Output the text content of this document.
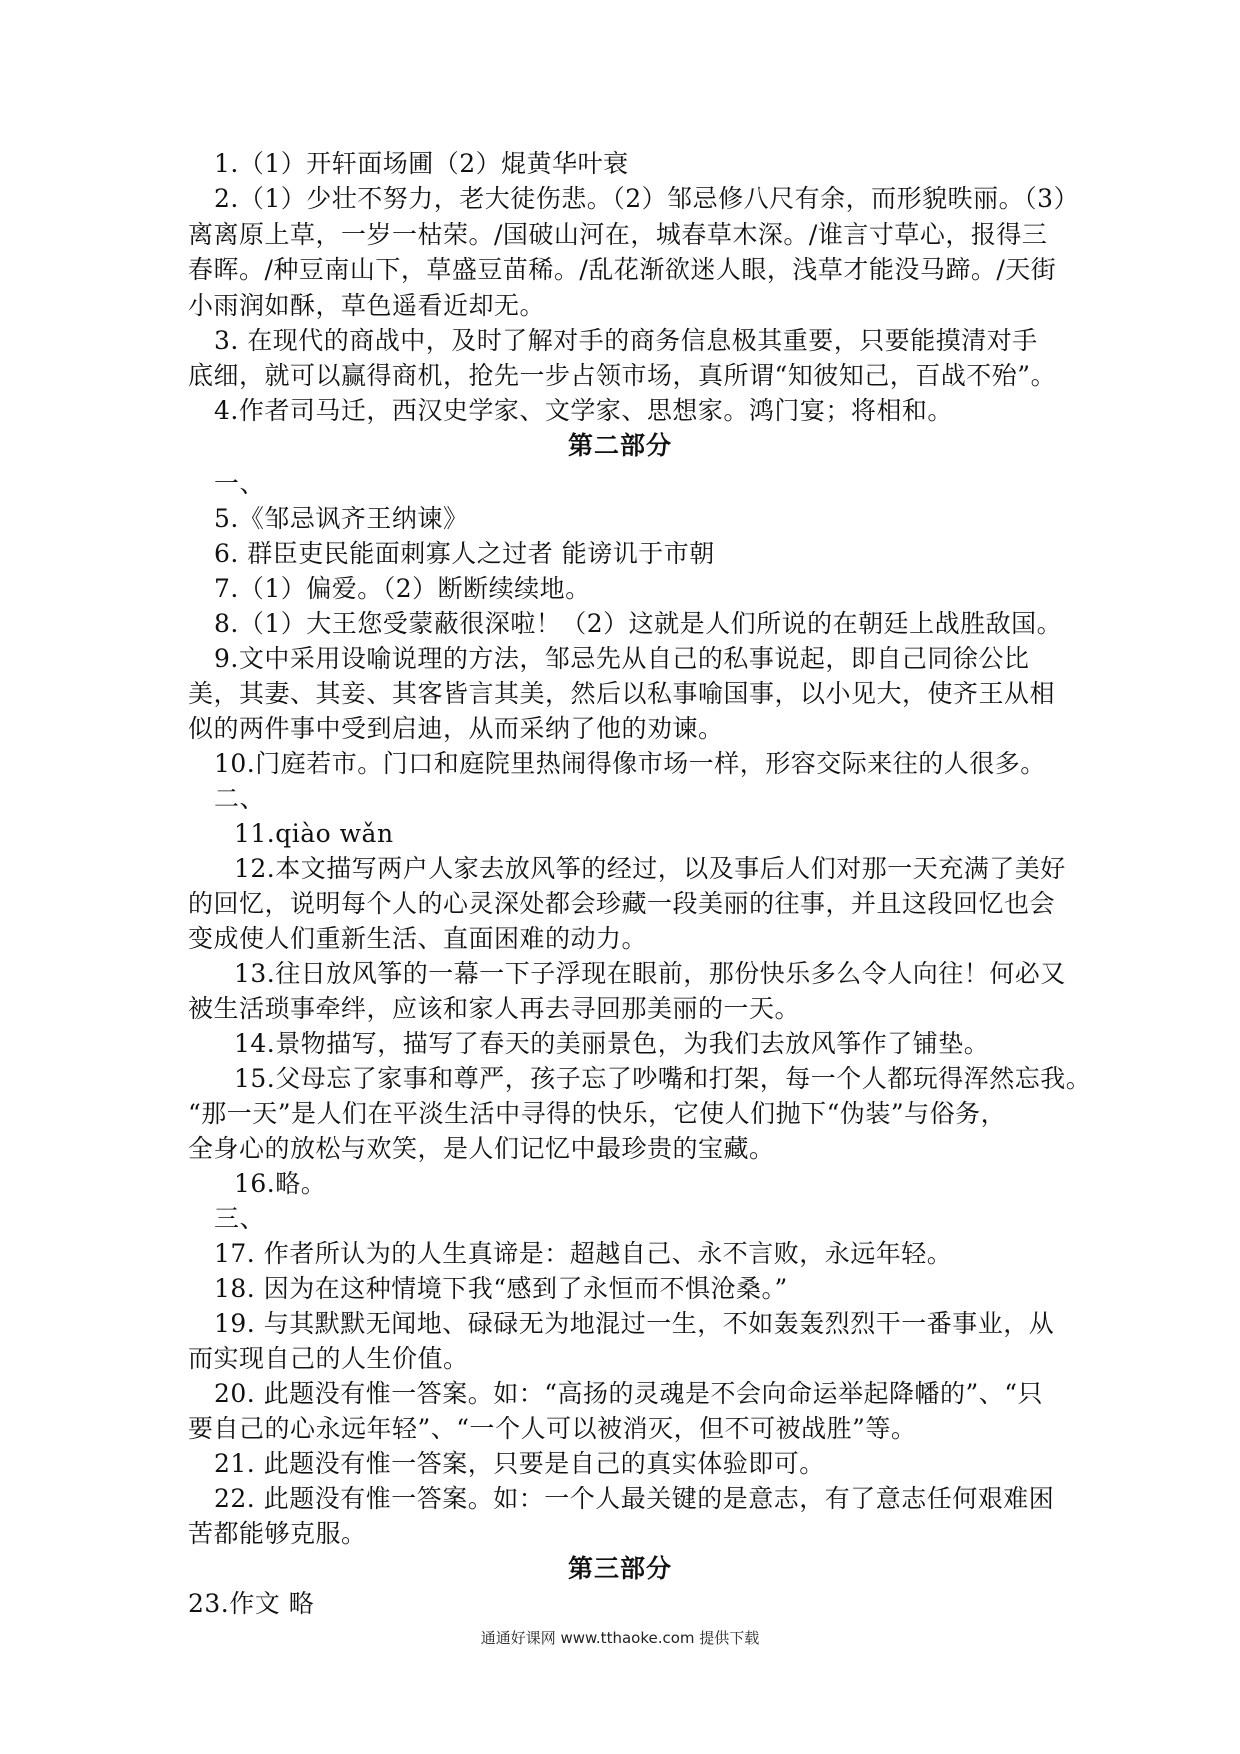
1.（1）开轩面场圃（2）焜黄华叶衰
2.（1）少壮不努力，老大徒伤悲。（2）邹忌修八尺有余，而形貌昳丽。（3）
离离原上草，一岁一枯荣。/国破山河在，城春草木深。/谁言寸草心，报得三
春晖。/种豆南山下，草盛豆苗稀。/乱花渐欲迷人眼，浅草才能没马蹄。/天街
小雨润如酥，草色遥看近却无。
3. 在现代的商战中，及时了解对手的商务信息极其重要，只要能摸清对手
底细，就可以赢得商机，抢先一步占领市场，真所谓“知彼知己，百战不殆”。
4.作者司马迁，西汉史学家、文学家、思想家。鸿门宴；将相和。
第二部分
一、
5.《邹忌讽齐王纳谏》
6. 群臣吏民能面刺寡人之过者 能谤讥于市朝
7.（1）偏爱。（2）断断续续地。
8.（1）大王您受蒙蔽很深啦！（2）这就是人们所说的在朝廷上战胜敌国。
9.文中采用设喻说理的方法，邹忌先从自己的私事说起，即自己同徐公比
美，其妻、其妾、其客皆言其美，然后以私事喻国事，以小见大，使齐王从相
似的两件事中受到启迪，从而采纳了他的劝谏。
10.门庭若市。门口和庭院里热闹得像市场一样，形容交际来往的人很多。
二、
11.qiào wǎn
12.本文描写两户人家去放风筝的经过，以及事后人们对那一天充满了美好
的回忆，说明每个人的心灵深处都会珍藏一段美丽的往事，并且这段回忆也会
变成使人们重新生活、直面困难的动力。
13.往日放风筝的一幕一下子浮现在眼前，那份快乐多么令人向往！何必又
被生活琐事牵绊，应该和家人再去寻回那美丽的一天。
14.景物描写，描写了春天的美丽景色，为我们去放风筝作了铺垫。
15.父母忘了家事和尊严，孩子忘了吵嘴和打架，每一个人都玩得浑然忘我。
“那一天”是人们在平淡生活中寻得的快乐，它使人们抛下“伪装”与俗务，
全身心的放松与欢笑，是人们记忆中最珍贵的宝藏。
16.略。
三、
17. 作者所认为的人生真谛是：超越自己、永不言败，永远年轻。
18. 因为在这种情境下我“感到了永恒而不惧沧桑。”
19. 与其默默无闻地、碌碌无为地混过一生，不如轰轰烈烈干一番事业，从
而实现自己的人生价值。
20. 此题没有惟一答案。如：“高扬的灵魂是不会向命运举起降幡的”、“只
要自己的心永远年轻”、“一个人可以被消灭，但不可被战胜”等。
21. 此题没有惟一答案，只要是自己的真实体验即可。
22. 此题没有惟一答案。如：一个人最关键的是意志，有了意志任何艰难困
苦都能够克服。
第三部分
23.作文 略
通通好课网 www.tthaoke.com 提供下载
